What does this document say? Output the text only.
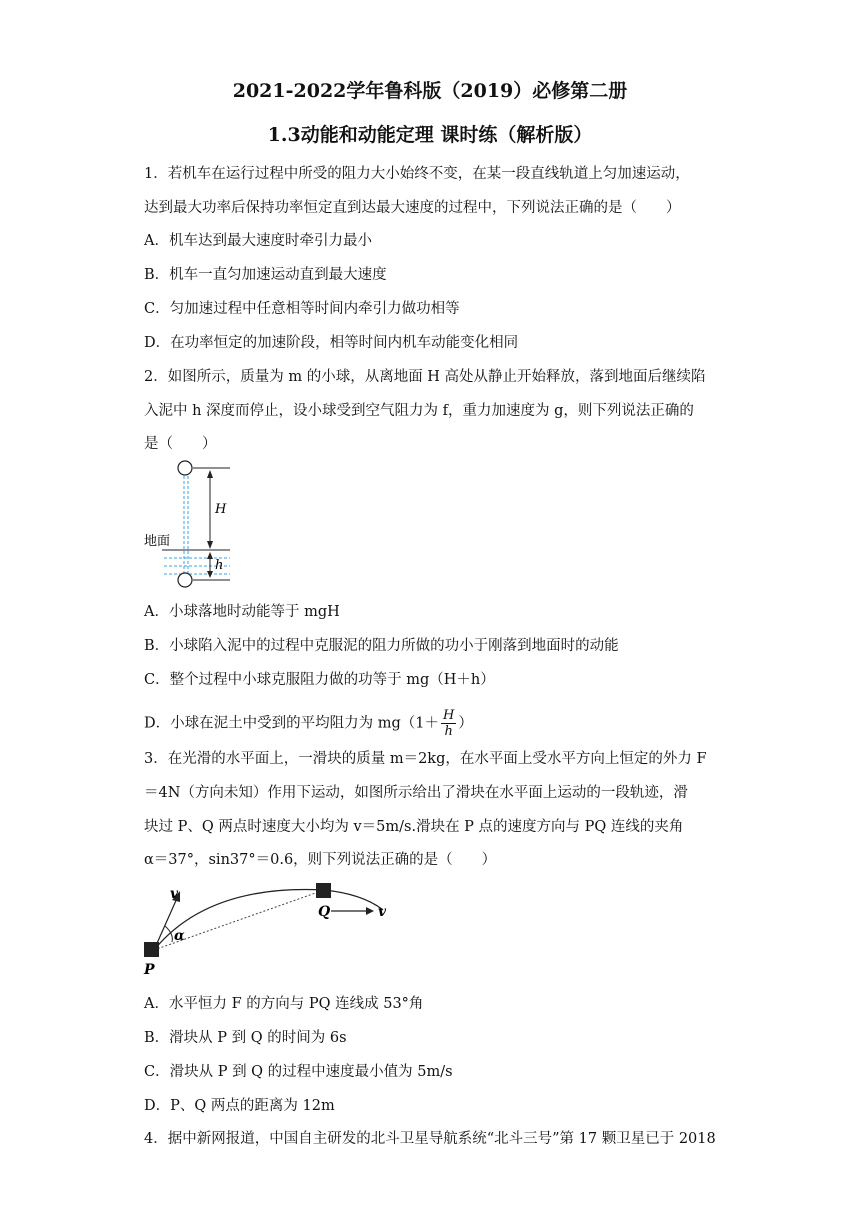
2021-2022学年鲁科版（2019）必修第二册
1.3动能和动能定理 课时练（解析版）
1．若机车在运行过程中所受的阻力大小始终不变，在某一段直线轨道上匀加速运动，
达到最大功率后保持功率恒定直到达最大速度的过程中，下列说法正确的是（　　）
A．机车达到最大速度时牵引力最小
B．机车一直匀加速运动直到最大速度
C．匀加速过程中任意相等时间内牵引力做功相等
D．在功率恒定的加速阶段，相等时间内机车动能变化相同
2．如图所示，质量为 m 的小球，从离地面 H 高处从静止开始释放，落到地面后继续陷
入泥中 h 深度而停止，设小球受到空气阻力为 f，重力加速度为 g，则下列说法正确的
是（　　）
H
地面
h
A．小球落地时动能等于 mgH
B．小球陷入泥中的过程中克服泥的阻力所做的功小于刚落到地面时的动能
C．整个过程中小球克服阻力做的功等于 mg（H＋h）
D．小球在泥土中受到的平均阻力为 $mg(1+ \frac{H}{h}$ ）
3．在光滑的水平面上，一滑块的质量 m＝2kg，在水平面上受水平方向上恒定的外力 F
＝4N（方向未知）作用下运动，如图所示给出了滑块在水平面上运动的一段轨迹，滑
块过 P、Q 两点时速度大小均为 v＝5m/s.滑块在 P 点的速度方向与 PQ 连线的夹角
α＝37°，sin37°＝0.6，则下列说法正确的是（　　）
v
α
P
Q	v
A．水平恒力 F 的方向与 PQ 连线成 53°角
B．滑块从 P 到 Q 的时间为 6s
C．滑块从 P 到 Q 的过程中速度最小值为 5m/s
D．P、Q 两点的距离为 12m
4．据中新网报道，中国自主研发的北斗卫星导航系统“北斗三号”第 17 颗卫星已于 2018
